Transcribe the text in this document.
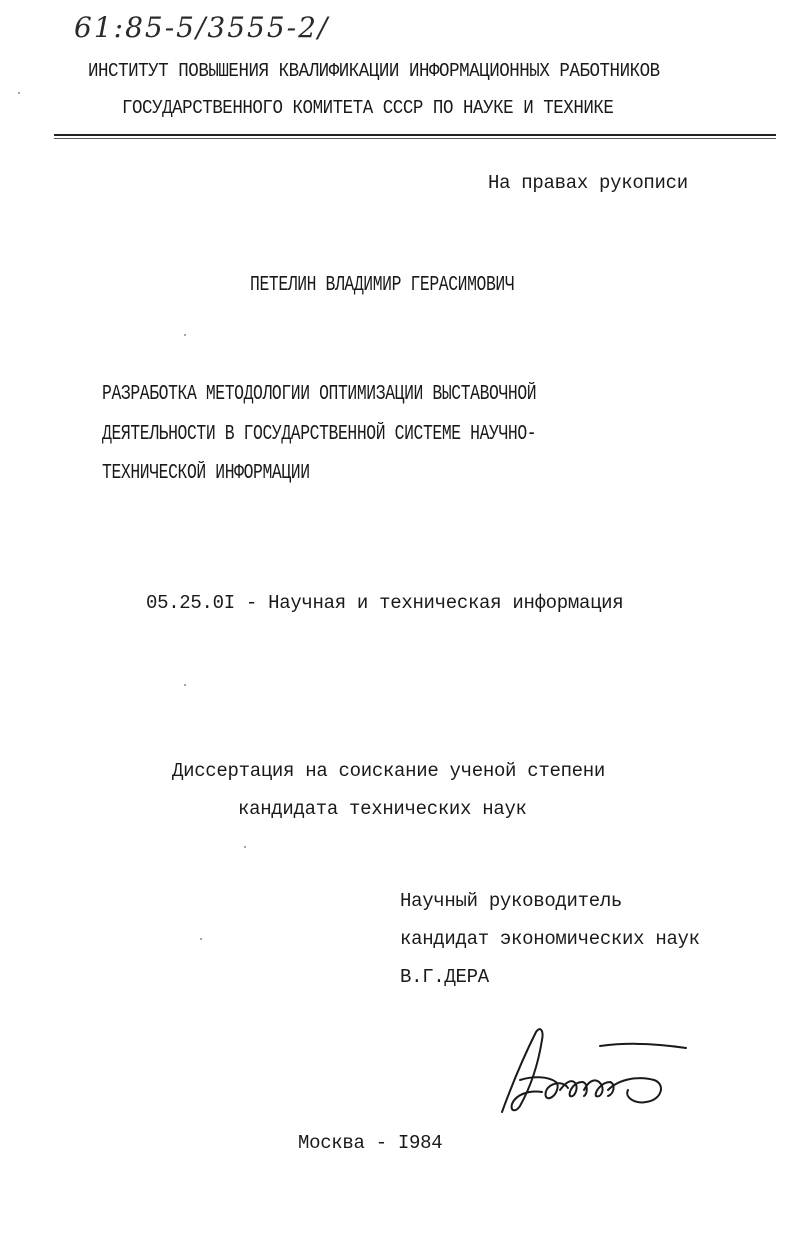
61:85-5/3555-2/
ИНСТИТУТ ПОВЫШЕНИЯ КВАЛИФИКАЦИИ ИНФОРМАЦИОННЫХ РАБОТНИКОВ
ГОСУДАРСТВЕННОГО КОМИТЕТА СССР ПО НАУКЕ И ТЕХНИКЕ
На правах рукописи
ПЕТЕЛИН ВЛАДИМИР ГЕРАСИМОВИЧ
РАЗРАБОТКА МЕТОДОЛОГИИ ОПТИМИЗАЦИИ ВЫСТАВОЧНОЙ
ДЕЯТЕЛЬНОСТИ В ГОСУДАРСТВЕННОЙ СИСТЕМЕ НАУЧНО-
ТЕХНИЧЕСКОЙ ИНФОРМАЦИИ
05.25.0I - Научная и техническая информация
Диссертация на соискание ученой степени
кандидата технических наук
Научный руководитель
кандидат экономических наук
В.Г.ДЕРА
Москва - I984
